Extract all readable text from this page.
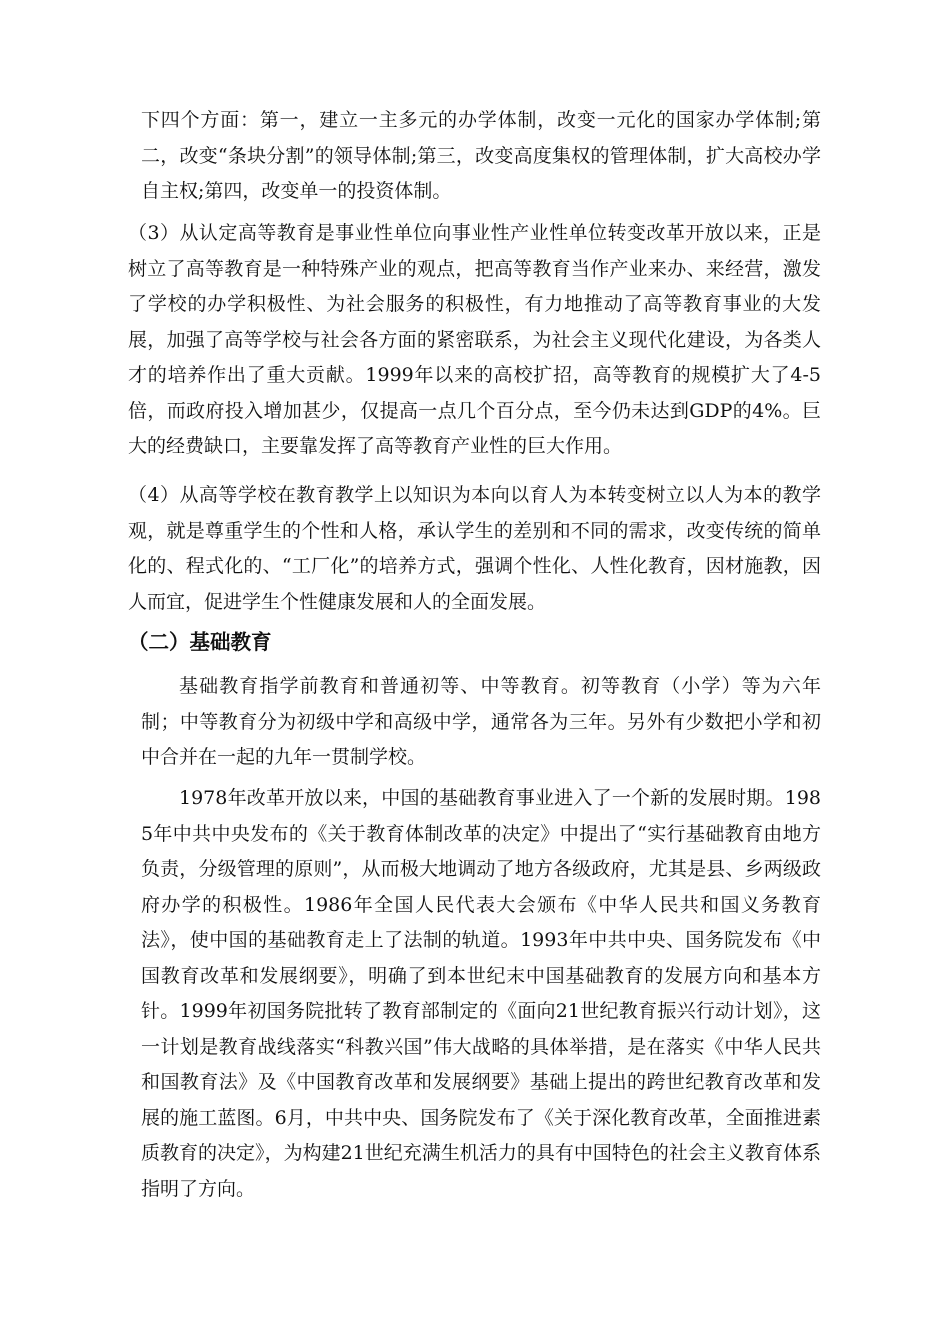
下四个方面：第一，建立一主多元的办学体制，改变一元化的国家办学体制;第二，改变“条块分割”的领导体制;第三，改变高度集权的管理体制，扩大高校办学自主权;第四，改变单一的投资体制。

（3）从认定高等教育是事业性单位向事业性产业性单位转变改革开放以来，正是树立了高等教育是一种特殊产业的观点，把高等教育当作产业来办、来经营，激发了学校的办学积极性、为社会服务的积极性，有力地推动了高等教育事业的大发展，加强了高等学校与社会各方面的紧密联系，为社会主义现代化建设，为各类人才的培养作出了重大贡献。1999年以来的高校扩招，高等教育的规模扩大了4-5倍，而政府投入增加甚少，仅提高一点几个百分点，至今仍未达到GDP的4%。巨大的经费缺口，主要靠发挥了高等教育产业性的巨大作用。

（4）从高等学校在教育教学上以知识为本向以育人为本转变树立以人为本的教学观，就是尊重学生的个性和人格，承认学生的差别和不同的需求，改变传统的简单化的、程式化的、“工厂化”的培养方式，强调个性化、人性化教育，因材施教，因人而宜，促进学生个性健康发展和人的全面发展。

（二）基础教育

基础教育指学前教育和普通初等、中等教育。初等教育（小学）等为六年制；中等教育分为初级中学和高级中学，通常各为三年。另外有少数把小学和初中合并在一起的九年一贯制学校。

1978年改革开放以来，中国的基础教育事业进入了一个新的发展时期。1985年中共中央发布的《关于教育体制改革的决定》中提出了“实行基础教育由地方负责，分级管理的原则”，从而极大地调动了地方各级政府，尤其是县、乡两级政府办学的积极性。1986年全国人民代表大会颁布《中华人民共和国义务教育法》，使中国的基础教育走上了法制的轨道。1993年中共中央、国务院发布《中国教育改革和发展纲要》，明确了到本世纪末中国基础教育的发展方向和基本方针。1999年初国务院批转了教育部制定的《面向21世纪教育振兴行动计划》，这一计划是教育战线落实“科教兴国”伟大战略的具体举措，是在落实《中华人民共和国教育法》及《中国教育改革和发展纲要》基础上提出的跨世纪教育改革和发展的施工蓝图。6月，中共中央、国务院发布了《关于深化教育改革，全面推进素质教育的决定》，为构建21世纪充满生机活力的具有中国特色的社会主义教育体系指明了方向。
